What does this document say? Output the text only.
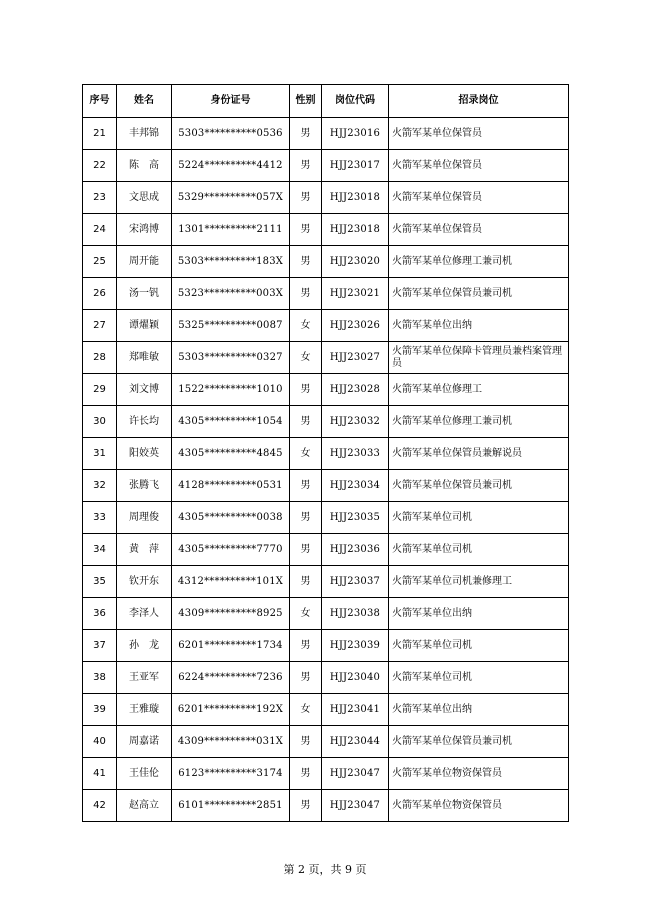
序号	姓名	身份证号	性别	岗位代码	招录岗位
21	丰邦锦	5303**********0536	男	HJJ23016	火箭军某单位保管员
22	陈　高	5224**********4412	男	HJJ23017	火箭军某单位保管员
23	文思成	5329**********057X	男	HJJ23018	火箭军某单位保管员
24	宋鸿博	1301**********2111	男	HJJ23018	火箭军某单位保管员
25	周开能	5303**********183X	男	HJJ23020	火箭军某单位修理工兼司机
26	汤一钒	5323**********003X	男	HJJ23021	火箭军某单位保管员兼司机
27	谭燿颖	5325**********0087	女	HJJ23026	火箭军某单位出纳
28	郑唯敏	5303**********0327	女	HJJ23027	火箭军某单位保障卡管理员兼档案管理员
29	刘文博	1522**********1010	男	HJJ23028	火箭军某单位修理工
30	许长均	4305**********1054	男	HJJ23032	火箭军某单位修理工兼司机
31	阳姣英	4305**********4845	女	HJJ23033	火箭军某单位保管员兼解说员
32	张腾飞	4128**********0531	男	HJJ23034	火箭军某单位保管员兼司机
33	周理俊	4305**********0038	男	HJJ23035	火箭军某单位司机
34	黄　萍	4305**********7770	男	HJJ23036	火箭军某单位司机
35	钦开东	4312**********101X	男	HJJ23037	火箭军某单位司机兼修理工
36	李泽人	4309**********8925	女	HJJ23038	火箭军某单位出纳
37	孙　龙	6201**********1734	男	HJJ23039	火箭军某单位司机
38	王亚军	6224**********7236	男	HJJ23040	火箭军某单位司机
39	王雅璇	6201**********192X	女	HJJ23041	火箭军某单位出纳
40	周嘉诺	4309**********031X	男	HJJ23044	火箭军某单位保管员兼司机
41	王佳伦	6123**********3174	男	HJJ23047	火箭军某单位物资保管员
42	赵高立	6101**********2851	男	HJJ23047	火箭军某单位物资保管员
第 2 页，共 9 页
